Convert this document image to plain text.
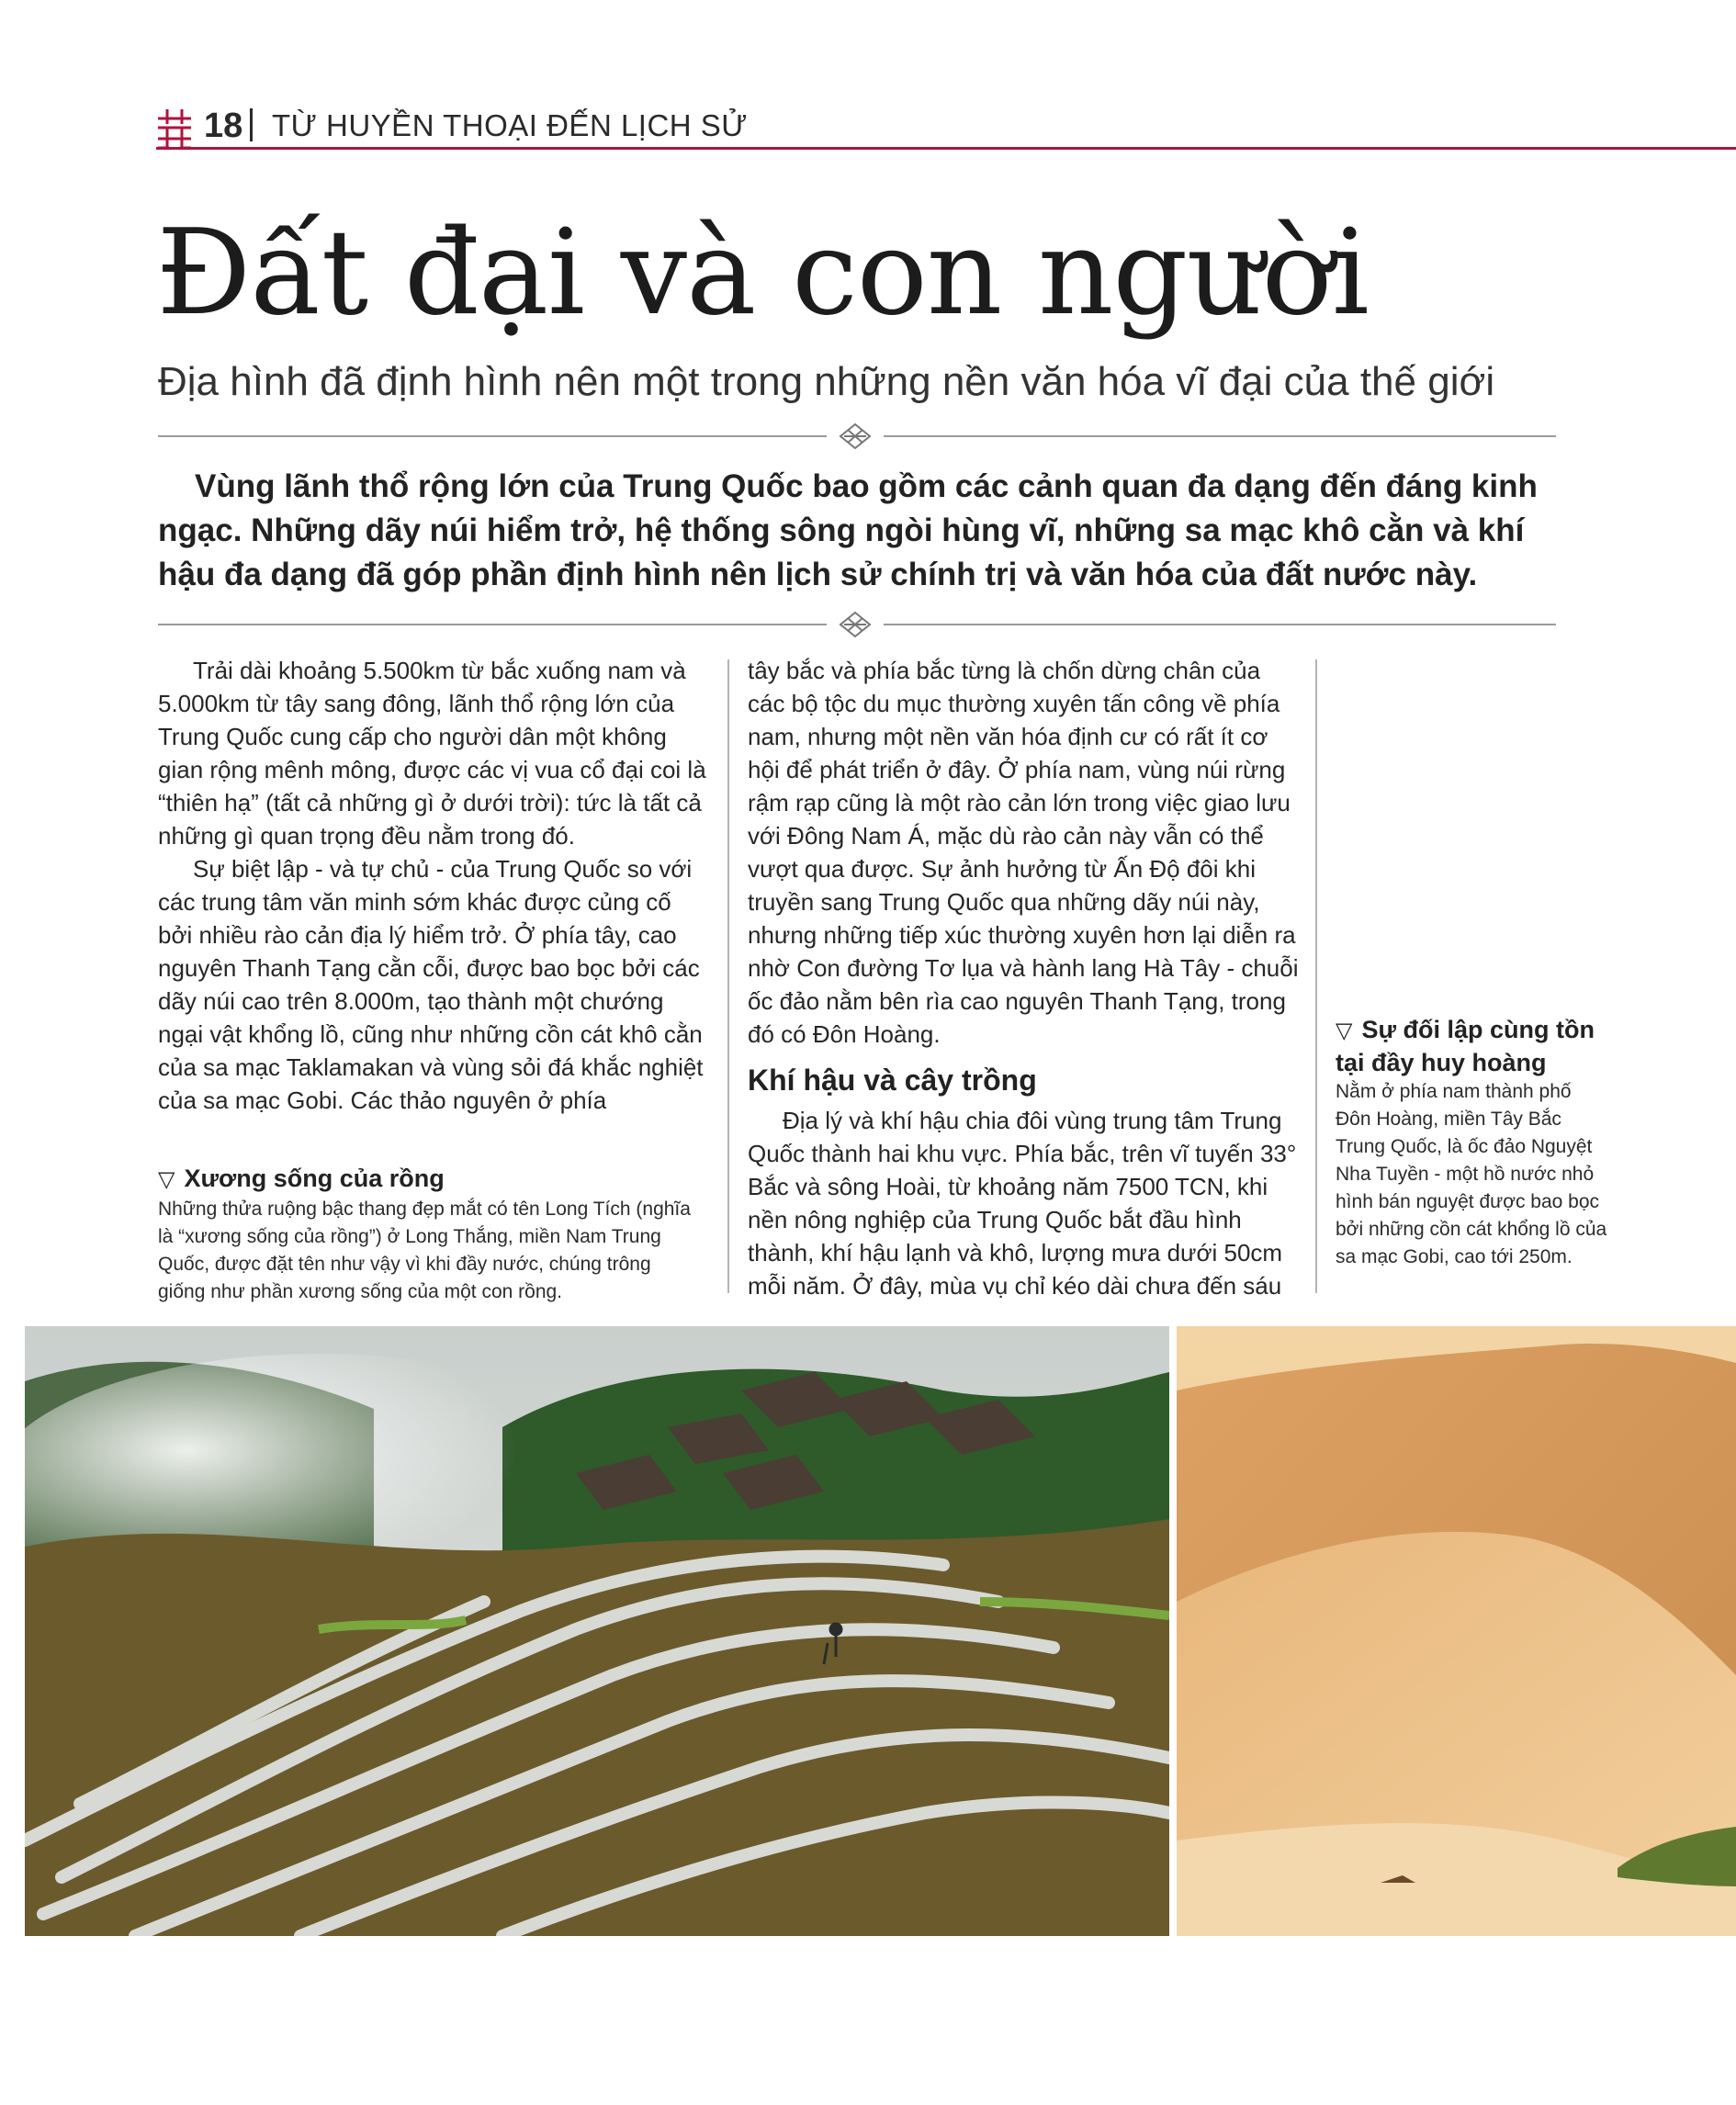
18 TỪ HUYỀN THOẠI ĐẾN LỊCH SỬ
Đất đại và con người
Địa hình đã định hình nên một trong những nền văn hóa vĩ đại của thế giới
Vùng lãnh thổ rộng lớn của Trung Quốc bao gồm các cảnh quan đa dạng đến đáng kinh ngạc. Những dãy núi hiểm trở, hệ thống sông ngòi hùng vĩ, những sa mạc khô cằn và khí hậu đa dạng đã góp phần định hình nên lịch sử chính trị và văn hóa của đất nước này.

Trải dài khoảng 5.500km từ bắc xuống nam và 5.000km từ tây sang đông, lãnh thổ rộng lớn của Trung Quốc cung cấp cho người dân một không gian rộng mênh mông, được các vị vua cổ đại coi là “thiên hạ” (tất cả những gì ở dưới trời): tức là tất cả những gì quan trọng đều nằm trong đó.

Sự biệt lập - và tự chủ - của Trung Quốc so với các trung tâm văn minh sớm khác được củng cố bởi nhiều rào cản địa lý hiểm trở. Ở phía tây, cao nguyên Thanh Tạng cằn cỗi, được bao bọc bởi các dãy núi cao trên 8.000m, tạo thành một chướng ngại vật khổng lồ, cũng như những cồn cát khô cằn của sa mạc Taklamakan và vùng sỏi đá khắc nghiệt của sa mạc Gobi. Các thảo nguyên ở phía

tây bắc và phía bắc từng là chốn dừng chân của các bộ tộc du mục thường xuyên tấn công về phía nam, nhưng một nền văn hóa định cư có rất ít cơ hội để phát triển ở đây. Ở phía nam, vùng núi rừng rậm rạp cũng là một rào cản lớn trong việc giao lưu với Đông Nam Á, mặc dù rào cản này vẫn có thể vượt qua được. Sự ảnh hưởng từ Ấn Độ đôi khi truyền sang Trung Quốc qua những dãy núi này, nhưng những tiếp xúc thường xuyên hơn lại diễn ra nhờ Con đường Tơ lụa và hành lang Hà Tây - chuỗi ốc đảo nằm bên rìa cao nguyên Thanh Tạng, trong đó có Đôn Hoàng.

Khí hậu và cây trồng

Địa lý và khí hậu chia đôi vùng trung tâm Trung Quốc thành hai khu vực. Phía bắc, trên vĩ tuyến 33° Bắc và sông Hoài, từ khoảng năm 7500 TCN, khi nền nông nghiệp của Trung Quốc bắt đầu hình thành, khí hậu lạnh và khô, lượng mưa dưới 50cm mỗi năm. Ở đây, mùa vụ chỉ kéo dài chưa đến sáu

▽ Xương sống của rồng
Những thửa ruộng bậc thang đẹp mắt có tên Long Tích (nghĩa là “xương sống của rồng”) ở Long Thắng, miền Nam Trung Quốc, được đặt tên như vậy vì khi đầy nước, chúng trông giống như phần xương sống của một con rồng.
▽ Sự đối lập cùng tồn tại đầy huy hoàng
Nằm ở phía nam thành phố Đôn Hoàng, miền Tây Bắc Trung Quốc, là ốc đảo Nguyệt Nha Tuyền - một hồ nước nhỏ hình bán nguyệt được bao bọc bởi những cồn cát khổng lồ của sa mạc Gobi, cao tới 250m.
